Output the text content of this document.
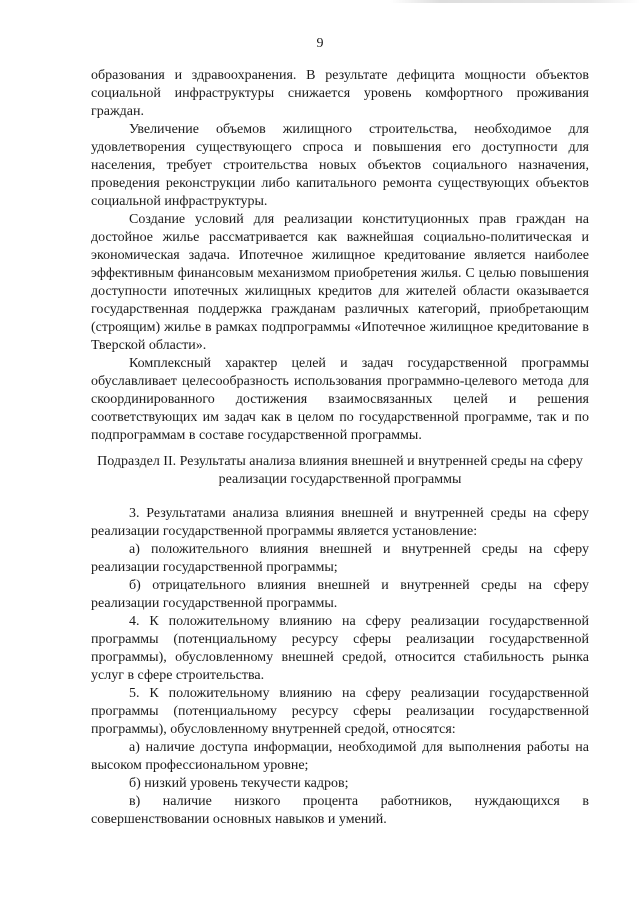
9

образования и здравоохранения. В результате дефицита мощности объектов социальной инфраструктуры снижается уровень комфортного проживания граждан.

Увеличение объемов жилищного строительства, необходимое для удовлетворения существующего спроса и повышения его доступности для населения, требует строительства новых объектов социального назначения, проведения реконструкции либо капитального ремонта существующих объектов социальной инфраструктуры.

Создание условий для реализации конституционных прав граждан на достойное жилье рассматривается как важнейшая социально-политическая и экономическая задача. Ипотечное жилищное кредитование является наиболее эффективным финансовым механизмом приобретения жилья. С целью повышения доступности ипотечных жилищных кредитов для жителей области оказывается государственная поддержка гражданам различных категорий, приобретающим (строящим) жилье в рамках подпрограммы «Ипотечное жилищное кредитование в Тверской области».

Комплексный характер целей и задач государственной программы обуславливает целесообразность использования программно-целевого метода для скоординированного достижения взаимосвязанных целей и решения соответствующих им задач как в целом по государственной программе, так и по подпрограммам в составе государственной программы.

Подраздел II. Результаты анализа влияния внешней и внутренней среды на сферу реализации государственной программы

3. Результатами анализа влияния внешней и внутренней среды на сферу реализации государственной программы является установление:

а) положительного влияния внешней и внутренней среды на сферу реализации государственной программы;

б) отрицательного влияния внешней и внутренней среды на сферу реализации государственной программы.

4. К положительному влиянию на сферу реализации государственной программы (потенциальному ресурсу сферы реализации государственной программы), обусловленному внешней средой, относится стабильность рынка услуг в сфере строительства.

5. К положительному влиянию на сферу реализации государственной программы (потенциальному ресурсу сферы реализации государственной программы), обусловленному внутренней средой, относятся:

а) наличие доступа информации, необходимой для выполнения работы на высоком профессиональном уровне;

б) низкий уровень текучести кадров;

в) наличие низкого процента работников, нуждающихся в совершенствовании основных навыков и умений.
